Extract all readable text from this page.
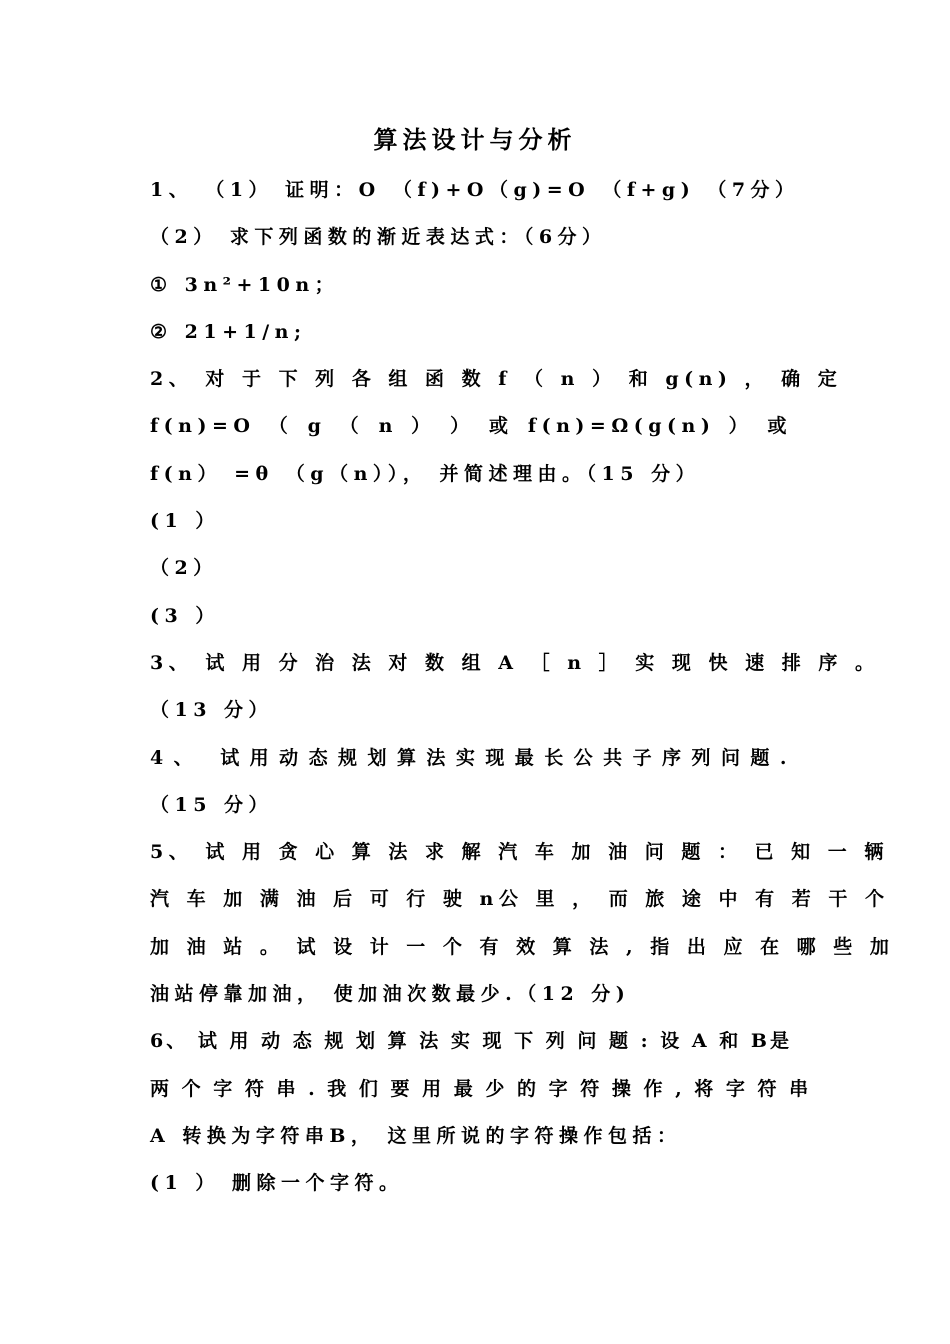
算法设计与分析
1、 （1） 证明：O （f)+O（g)=O （f+g) （7分）
（2） 求下列函数的渐近表达式：（6分）
① 3n²+10n；
② 21+1/n;
2、 对 于 下 列 各 组 函 数 f （ n ） 和 g(n) ， 确 定
f(n)=O （ g （ n ） ） 或 f(n)=Ω(g(n) ） 或
f(n） =θ （g（n））， 并简述理由。（15 分）
(1 ）
（2）
(3 ）
3、 试 用 分 治 法 对 数 组 A ［ n ］ 实 现 快 速 排 序 。
（13 分）
4、 试用动态规划算法实现最长公共子序列问题.
（15 分）
5、 试 用 贪 心 算 法 求 解 汽 车 加 油 问 题 ： 已 知 一 辆
汽 车 加 满 油 后 可 行 驶 n公 里 ， 而 旅 途 中 有 若 干 个
加 油 站 。 试 设 计 一 个 有 效 算 法 , 指 出 应 在 哪 些 加
油站停靠加油， 使加油次数最少.（12 分)
6、 试 用 动 态 规 划 算 法 实 现 下 列 问 题 : 设 A 和 B是
两 个 字 符 串 . 我 们 要 用 最 少 的 字 符 操 作 , 将 字 符 串
A 转换为字符串B， 这里所说的字符操作包括：
(1 ） 删除一个字符。
